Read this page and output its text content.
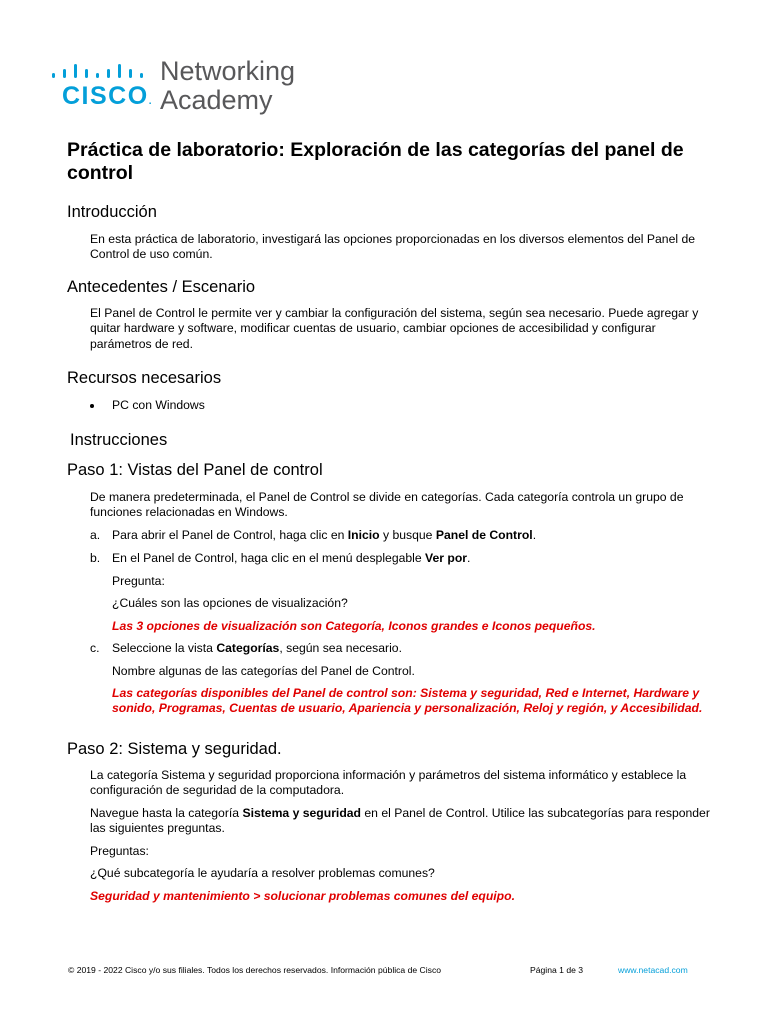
CISCO.
Networking
Academy
Práctica de laboratorio: Exploración de las categorías del panel de control
Introducción

En esta práctica de laboratorio, investigará las opciones proporcionadas en los diversos elementos del Panel de Control de uso común.

Antecedentes / Escenario

El Panel de Control le permite ver y cambiar la configuración del sistema, según sea necesario. Puede agregar y quitar hardware y software, modificar cuentas de usuario, cambiar opciones de accesibilidad y configurar parámetros de red.

Recursos necesarios
PC con Windows
Instrucciones
Paso 1: Vistas del Panel de control

De manera predeterminada, el Panel de Control se divide en categorías. Cada categoría controla un grupo de funciones relacionadas en Windows.

a. Para abrir el Panel de Control, haga clic en Inicio y busque Panel de Control.

b. En el Panel de Control, haga clic en el menú desplegable Ver por.

Pregunta:

¿Cuáles son las opciones de visualización?

Las 3 opciones de visualización son Categoría, Iconos grandes e Iconos pequeños.

c. Seleccione la vista Categorías, según sea necesario.

Nombre algunas de las categorías del Panel de Control.

Las categorías disponibles del Panel de control son: Sistema y seguridad, Red e Internet, Hardware y sonido, Programas, Cuentas de usuario, Apariencia y personalización, Reloj y región, y Accesibilidad.

Paso 2: Sistema y seguridad.

La categoría Sistema y seguridad proporciona información y parámetros del sistema informático y establece la configuración de seguridad de la computadora.

Navegue hasta la categoría Sistema y seguridad en el Panel de Control. Utilice las subcategorías para responder las siguientes preguntas.

Preguntas:

¿Qué subcategoría le ayudaría a resolver problemas comunes?

Seguridad y mantenimiento > solucionar problemas comunes del equipo.

© 2019 - 2022 Cisco y/o sus filiales. Todos los derechos reservados. Información pública de Cisco	Página 1 de 3	www.netacad.com
